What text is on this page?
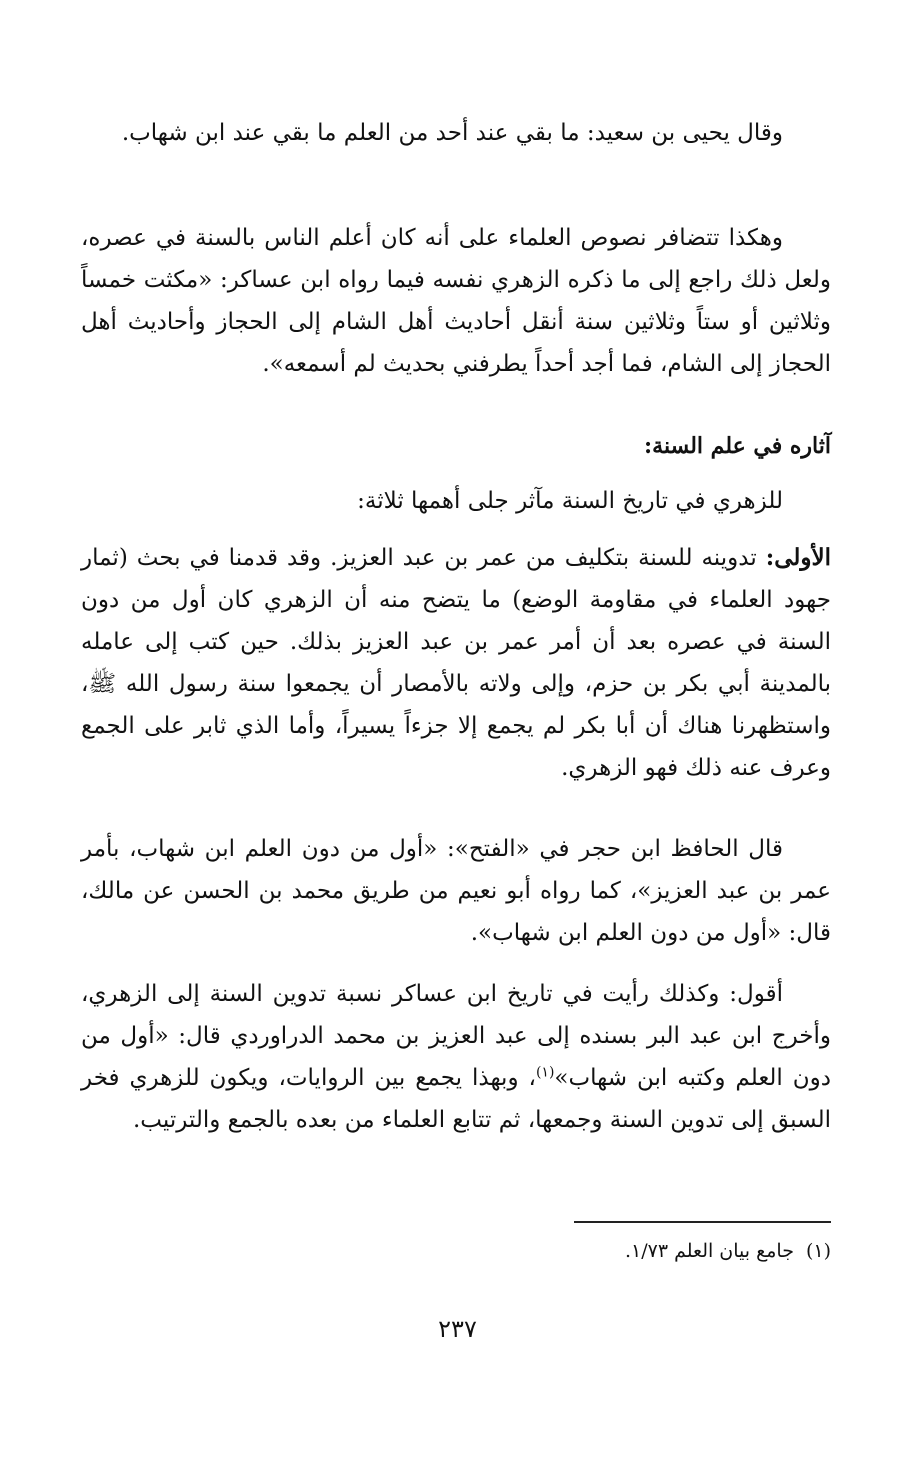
وقال يحيى بن سعيد: ما بقي عند أحد من العلم ما بقي عند ابن شهاب.

وهكذا تتضافر نصوص العلماء على أنه كان أعلم الناس بالسنة في عصره، ولعل ذلك راجع إلى ما ذكره الزهري نفسه فيما رواه ابن عساكر: «مكثت خمساً وثلاثين أو ستاً وثلاثين سنة أنقل أحاديث أهل الشام إلى الحجاز وأحاديث أهل الحجاز إلى الشام، فما أجد أحداً يطرفني بحديث لم أسمعه».

آثاره في علم السنة:

للزهري في تاريخ السنة مآثر جلى أهمها ثلاثة:

الأولى: تدوينه للسنة بتكليف من عمر بن عبد العزيز. وقد قدمنا في بحث (ثمار جهود العلماء في مقاومة الوضع) ما يتضح منه أن الزهري كان أول من دون السنة في عصره بعد أن أمر عمر بن عبد العزيز بذلك. حين كتب إلى عامله بالمدينة أبي بكر بن حزم، وإلى ولاته بالأمصار أن يجمعوا سنة رسول الله ﷺ، واستظهرنا هناك أن أبا بكر لم يجمع إلا جزءاً يسيراً، وأما الذي ثابر على الجمع وعرف عنه ذلك فهو الزهري.

قال الحافظ ابن حجر في «الفتح»: «أول من دون العلم ابن شهاب، بأمر عمر بن عبد العزيز»، كما رواه أبو نعيم من طريق محمد بن الحسن عن مالك، قال: «أول من دون العلم ابن شهاب».

أقول: وكذلك رأيت في تاريخ ابن عساكر نسبة تدوين السنة إلى الزهري، وأخرج ابن عبد البر بسنده إلى عبد العزيز بن محمد الدراوردي قال: «أول من دون العلم وكتبه ابن شهاب»$^{(١)}$، وبهذا يجمع بين الروايات، ويكون للزهري فخر السبق إلى تدوين السنة وجمعها، ثم تتابع العلماء من بعده بالجمع والترتيب.

(١)جامع بيان العلم ١/٧٣.
٢٣٧
